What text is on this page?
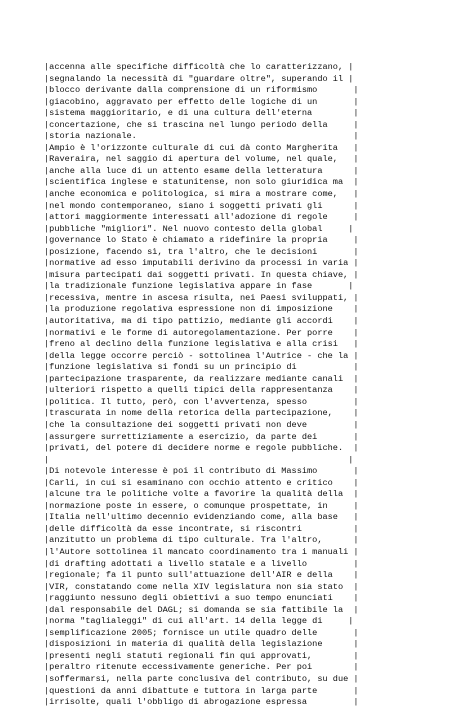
|accenna alle specifiche difficoltà che lo caratterizzano, |
|segnalando la necessità di "guardare oltre", superando il |
|blocco derivante dalla comprensione di un riformismo       |
|giacobino, aggravato per effetto delle logiche di un       |
|sistema maggioritario, e di una cultura dell'eterna        |
|concertazione, che si trascina nel lungo periodo della     |
|storia nazionale.                                          |
|Ampio è l'orizzonte culturale di cui dà conto Margherita   |
|Raveraira, nel saggio di apertura del volume, nel quale,   |
|anche alla luce di un attento esame della letteratura      |
|scientifica inglese e statunitense, non solo giuridica ma  |
|anche economica e politologica, si mira a mostrare come,   |
|nel mondo contemporaneo, siano i soggetti privati gli      |
|attori maggiormente interessati all'adozione di regole     |
|pubbliche "migliori". Nel nuovo contesto della global     |
|governance lo Stato è chiamato a ridefinire la propria     |
|posizione, facendo sì, tra l'altro, che le decisioni       |
|normative ad esso imputabili derivino da processi in varia |
|misura partecipati dai soggetti privati. In questa chiave, |
|la tradizionale funzione legislativa appare in fase       |
|recessiva, mentre in ascesa risulta, nei Paesi sviluppati, |
|la produzione regolativa espressione non di imposizione    |
|autoritativa, ma di tipo pattizio, mediante gli accordi    |
|normativi e le forme di autoregolamentazione. Per porre    |
|freno al declino della funzione legislativa e alla crisi   |
|della legge occorre perciò - sottolinea l'Autrice - che la |
|funzione legislativa si fondi su un principio di           |
|partecipazione trasparente, da realizzare mediante canali  |
|ulteriori rispetto a quelli tipici della rappresentanza    |
|politica. Il tutto, però, con l'avvertenza, spesso         |
|trascurata in nome della retorica della partecipazione,    |
|che la consultazione dei soggetti privati non deve         |
|assurgere surrettiziamente a esercizio, da parte dei       |
|privati, del potere di decidere norme e regole pubbliche.  |
|                                                          |
|Di notevole interesse è poi il contributo di Massimo       |
|Carli, in cui si esaminano con occhio attento e critico    |
|alcune tra le politiche volte a favorire la qualità della  |
|normazione poste in essere, o comunque prospettate, in     |
|Italia nell'ultimo decennio evidenziando come, alla base   |
|delle difficoltà da esse incontrate, si riscontri          |
|anzitutto un problema di tipo culturale. Tra l'altro,      |
|l'Autore sottolinea il mancato coordinamento tra i manuali |
|di drafting adottati a livello statale e a livello         |
|regionale; fa il punto sull'attuazione dell'AIR e della    |
|VIR, constatando come nella XIV legislatura non sia stato  |
|raggiunto nessuno degli obiettivi a suo tempo enunciati    |
|dal responsabile del DAGL; si domanda se sia fattibile la  |
|norma "taglialeggi" di cui all'art. 14 della legge di     |
|semplificazione 2005; fornisce un utile quadro delle       |
|disposizioni in materia di qualità della legislazione      |
|presenti negli statuti regionali fin qui approvati,        |
|peraltro ritenute eccessivamente generiche. Per poi        |
|soffermarsi, nella parte conclusiva del contributo, su due |
|questioni da anni dibattute e tuttora in larga parte       |
|irrisolte, quali l'obbligo di abrogazione espressa         |
